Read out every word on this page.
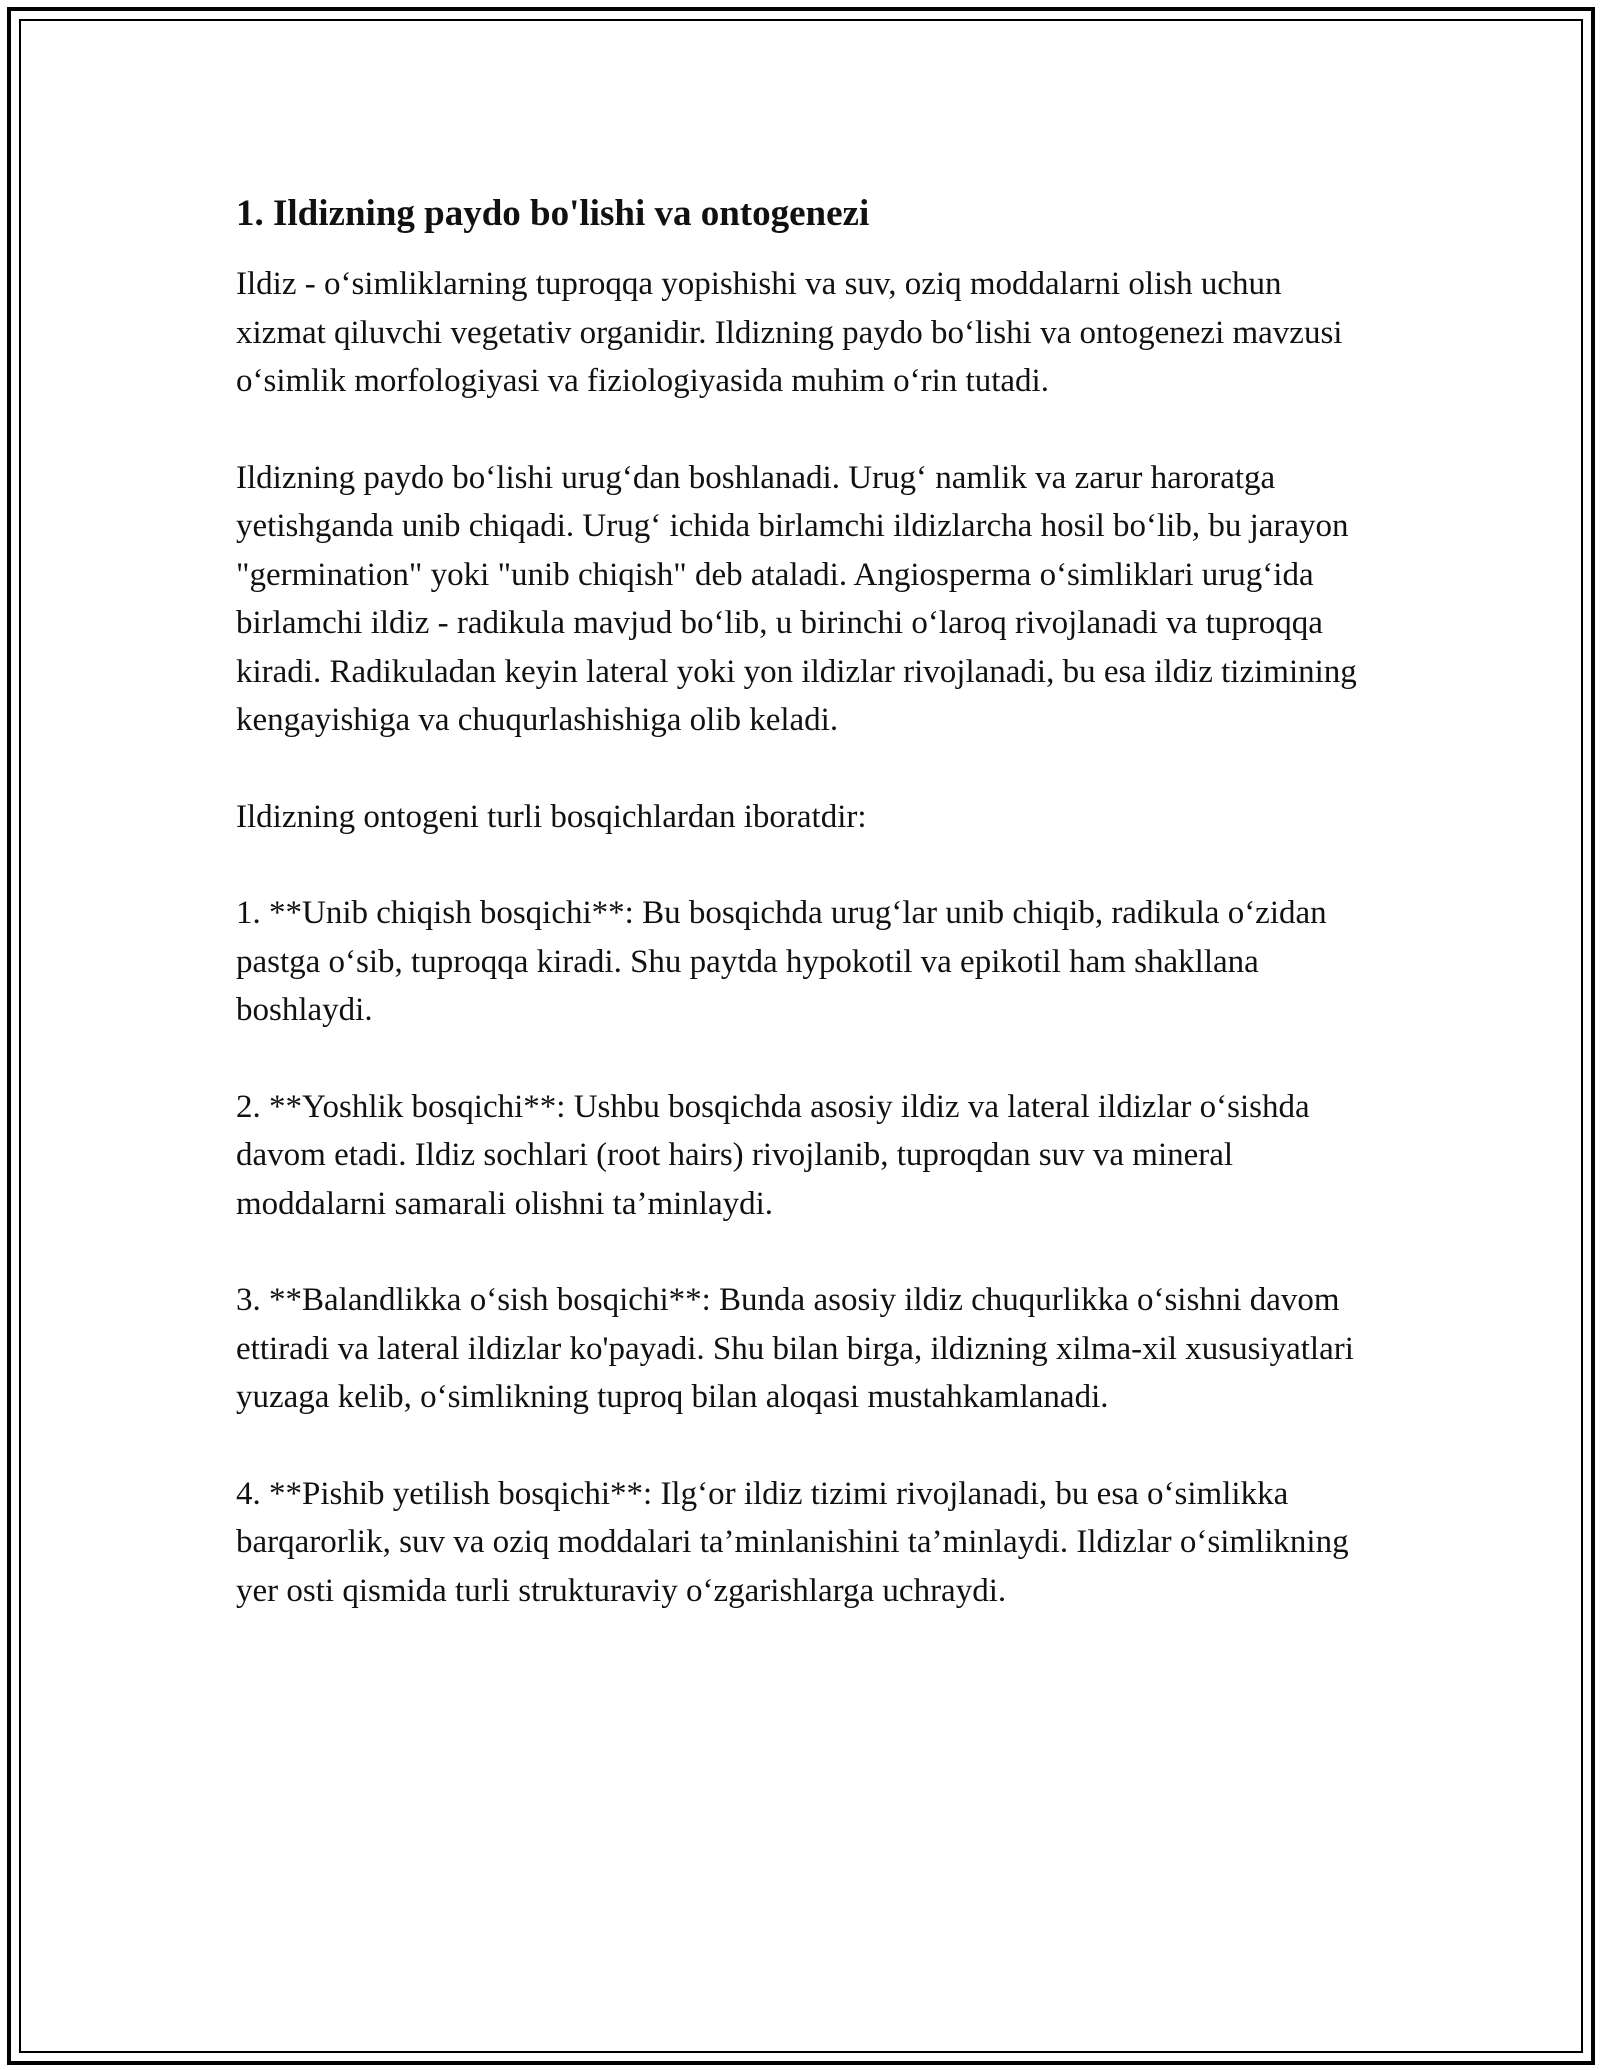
1. Ildizning paydo bo'lishi va ontogenezi

Ildiz - o‘simliklarning tuproqqa yopishishi va suv, oziq moddalarni olish uchun xizmat qiluvchi vegetativ organidir. Ildizning paydo bo‘lishi va ontogenezi mavzusi o‘simlik morfologiyasi va fiziologiyasida muhim o‘rin tutadi.

Ildizning paydo bo‘lishi urug‘dan boshlanadi. Urug‘ namlik va zarur haroratga yetishganda unib chiqadi. Urug‘ ichida birlamchi ildizlarcha hosil bo‘lib, bu jarayon "germination" yoki "unib chiqish" deb ataladi. Angiosperma o‘simliklari urug‘ida birlamchi ildiz - radikula mavjud bo‘lib, u birinchi o‘laroq rivojlanadi va tuproqqa kiradi. Radikuladan keyin lateral yoki yon ildizlar rivojlanadi, bu esa ildiz tizimining kengayishiga va chuqurlashishiga olib keladi.

Ildizning ontogeni turli bosqichlardan iboratdir:

1. **Unib chiqish bosqichi**: Bu bosqichda urug‘lar unib chiqib, radikula o‘zidan pastga o‘sib, tuproqqa kiradi. Shu paytda hypokotil va epikotil ham shakllana boshlaydi.

2. **Yoshlik bosqichi**: Ushbu bosqichda asosiy ildiz va lateral ildizlar o‘sishda davom etadi. Ildiz sochlari (root hairs) rivojlanib, tuproqdan suv va mineral moddalarni samarali olishni ta’minlaydi.

3. **Balandlikka o‘sish bosqichi**: Bunda asosiy ildiz chuqurlikka o‘sishni davom ettiradi va lateral ildizlar ko'payadi. Shu bilan birga, ildizning xilma-xil xususiyatlari yuzaga kelib, o‘simlikning tuproq bilan aloqasi mustahkamlanadi.

4. **Pishib yetilish bosqichi**: Ilg‘or ildiz tizimi rivojlanadi, bu esa o‘simlikka barqarorlik, suv va oziq moddalari ta’minlanishini ta’minlaydi. Ildizlar o‘simlikning yer osti qismida turli strukturaviy o‘zgarishlarga uchraydi.
